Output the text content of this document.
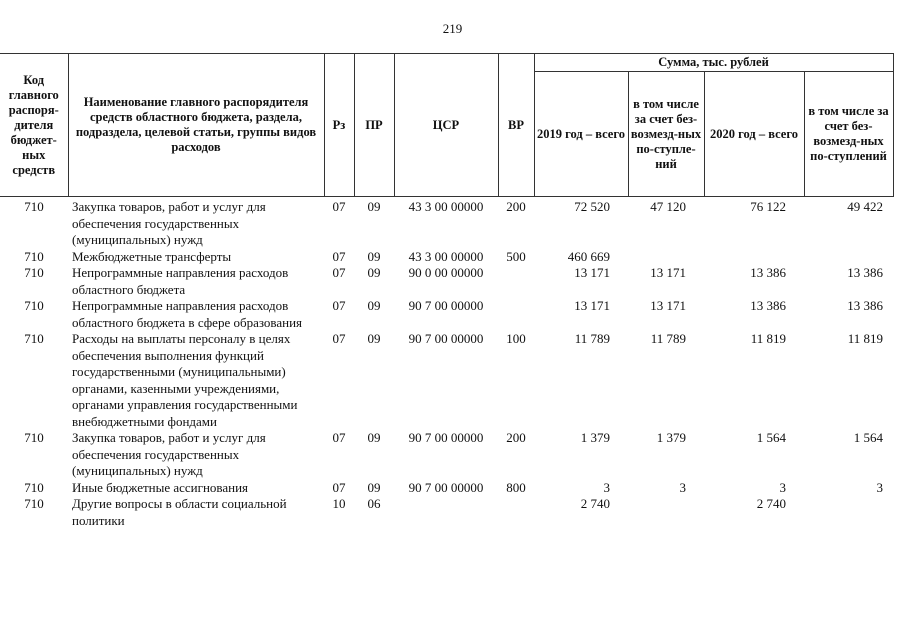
219
Код главного распоря-дителя бюджет-ных средств	Наименование главного распорядителя средств областного бюджета, раздела, подраздела, целевой статьи, группы видов расходов	Рз	ПР	ЦСР	ВР	Сумма, тыс. рублей			
						2019 год – всего	в том числе за счет без-возмезд-ных по-ступле-ний	2020 год – всего	в том числе за счет без-возмезд-ных по-ступлений
710	Закупка товаров, работ и услуг для обеспечения государственных (муниципальных) нужд	07	09	43 3 00 00000	200	72 520	47 120	76 122	49 422
710	Межбюджетные трансферты	07	09	43 3 00 00000	500	460 669			
710	Непрограммные направления расходов областного бюджета	07	09	90 0 00 00000		13 171	13 171	13 386	13 386
710	Непрограммные направления расходов областного бюджета в сфере образования	07	09	90 7 00 00000		13 171	13 171	13 386	13 386
710	Расходы на выплаты персоналу в целях обеспечения выполнения функций государственными (муниципальными) органами, казенными учреждениями, органами управления государственными внебюджетными фондами	07	09	90 7 00 00000	100	11 789	11 789	11 819	11 819
710	Закупка товаров, работ и услуг для обеспечения государственных (муниципальных) нужд	07	09	90 7 00 00000	200	1 379	1 379	1 564	1 564
710	Иные бюджетные ассигнования	07	09	90 7 00 00000	800	3	3	3	3
710	Другие вопросы в области социальной политики	10	06			2 740		2 740	
